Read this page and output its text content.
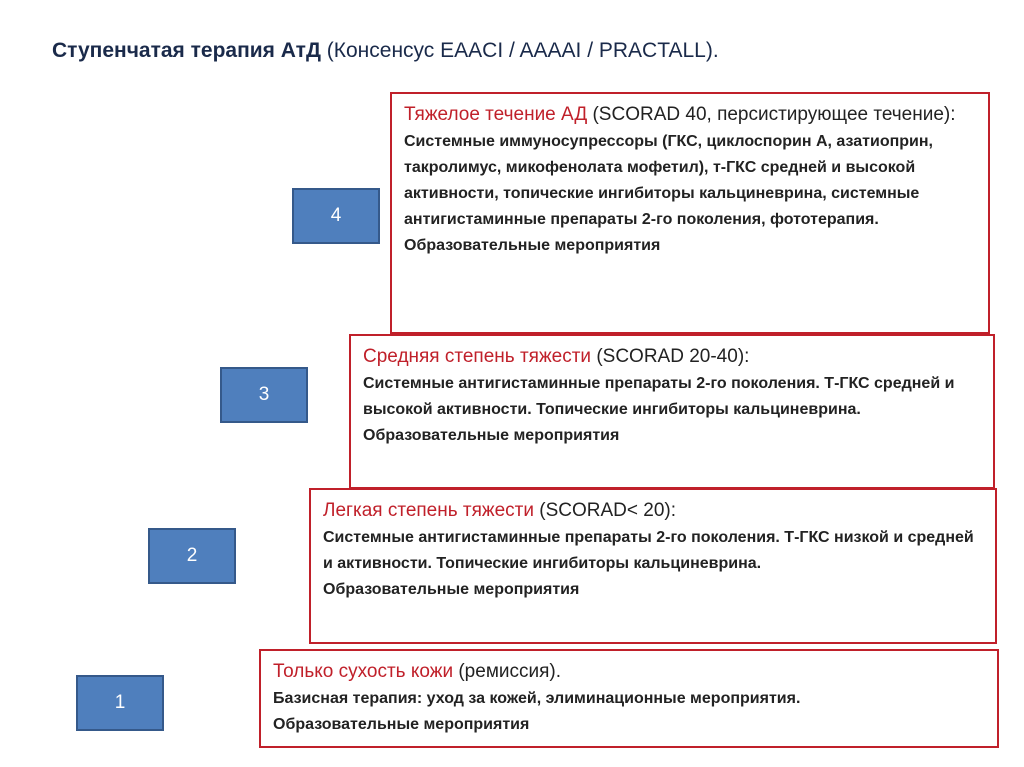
Ступенчатая терапия АтД (Консенсус EAACI / AAAAI / PRACTALL).
4
Тяжелое течение АД (SCORAD 40, персистирующее течение):
Системные иммуносупрессоры (ГКС, циклоспорин А, азатиоприн, такролимус, микофенолата мофетил), т-ГКС средней и высокой активности, топические ингибиторы кальциневрина, системные антигистаминные препараты 2-го поколения, фототерапия.
Образовательные мероприятия
3
Средняя степень тяжести (SCORAD 20-40):
Системные антигистаминные препараты 2-го поколения. Т-ГКС средней и высокой активности. Топические ингибиторы кальциневрина.
Образовательные мероприятия
2
Легкая степень тяжести (SCORAD< 20):
Системные антигистаминные препараты 2-го поколения. Т-ГКС низкой и средней и активности. Топические ингибиторы кальциневрина.
Образовательные мероприятия
1
Только сухость кожи (ремиссия).
Базисная терапия: уход за кожей, элиминационные мероприятия.
Образовательные мероприятия
